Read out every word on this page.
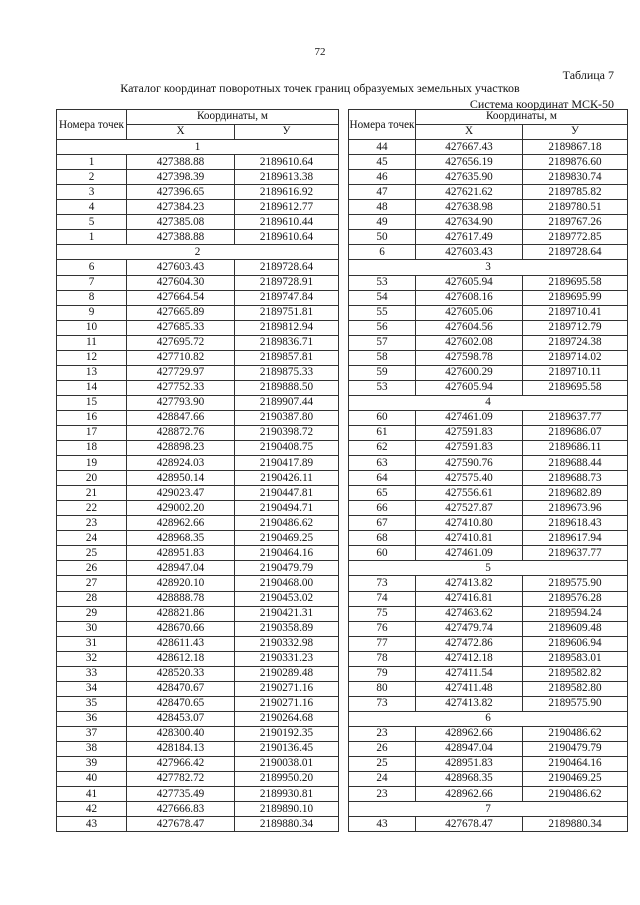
72
Таблица 7
Каталог координат поворотных точек границ образуемых земельных участков
Система координат МСК-50
Номера точек	Координаты, м	
	X	У
1		
1	427388.88	2189610.64
2	427398.39	2189613.38
3	427396.65	2189616.92
4	427384.23	2189612.77
5	427385.08	2189610.44
1	427388.88	2189610.64
2		
6	427603.43	2189728.64
7	427604.30	2189728.91
8	427664.54	2189747.84
9	427665.89	2189751.81
10	427685.33	2189812.94
11	427695.72	2189836.71
12	427710.82	2189857.81
13	427729.97	2189875.33
14	427752.33	2189888.50
15	427793.90	2189907.44
16	428847.66	2190387.80
17	428872.76	2190398.72
18	428898.23	2190408.75
19	428924.03	2190417.89
20	428950.14	2190426.11
21	429023.47	2190447.81
22	429002.20	2190494.71
23	428962.66	2190486.62
24	428968.35	2190469.25
25	428951.83	2190464.16
26	428947.04	2190479.79
27	428920.10	2190468.00
28	428888.78	2190453.02
29	428821.86	2190421.31
30	428670.66	2190358.89
31	428611.43	2190332.98
32	428612.18	2190331.23
33	428520.33	2190289.48
34	428470.67	2190271.16
35	428470.65	2190271.16
36	428453.07	2190264.68
37	428300.40	2190192.35
38	428184.13	2190136.45
39	427966.42	2190038.01
40	427782.72	2189950.20
41	427735.49	2189930.81
42	427666.83	2189890.10
43	427678.47	2189880.34
Номера точек	Координаты, м	
	X	У
44	427667.43	2189867.18
45	427656.19	2189876.60
46	427635.90	2189830.74
47	427621.62	2189785.82
48	427638.98	2189780.51
49	427634.90	2189767.26
50	427617.49	2189772.85
6	427603.43	2189728.64
3		
53	427605.94	2189695.58
54	427608.16	2189695.99
55	427605.06	2189710.41
56	427604.56	2189712.79
57	427602.08	2189724.38
58	427598.78	2189714.02
59	427600.29	2189710.11
53	427605.94	2189695.58
4		
60	427461.09	2189637.77
61	427591.83	2189686.07
62	427591.83	2189686.11
63	427590.76	2189688.44
64	427575.40	2189688.73
65	427556.61	2189682.89
66	427527.87	2189673.96
67	427410.80	2189618.43
68	427410.81	2189617.94
60	427461.09	2189637.77
5		
73	427413.82	2189575.90
74	427416.81	2189576.28
75	427463.62	2189594.24
76	427479.74	2189609.48
77	427472.86	2189606.94
78	427412.18	2189583.01
79	427411.54	2189582.82
80	427411.48	2189582.80
73	427413.82	2189575.90
6		
23	428962.66	2190486.62
26	428947.04	2190479.79
25	428951.83	2190464.16
24	428968.35	2190469.25
23	428962.66	2190486.62
7		
43	427678.47	2189880.34
